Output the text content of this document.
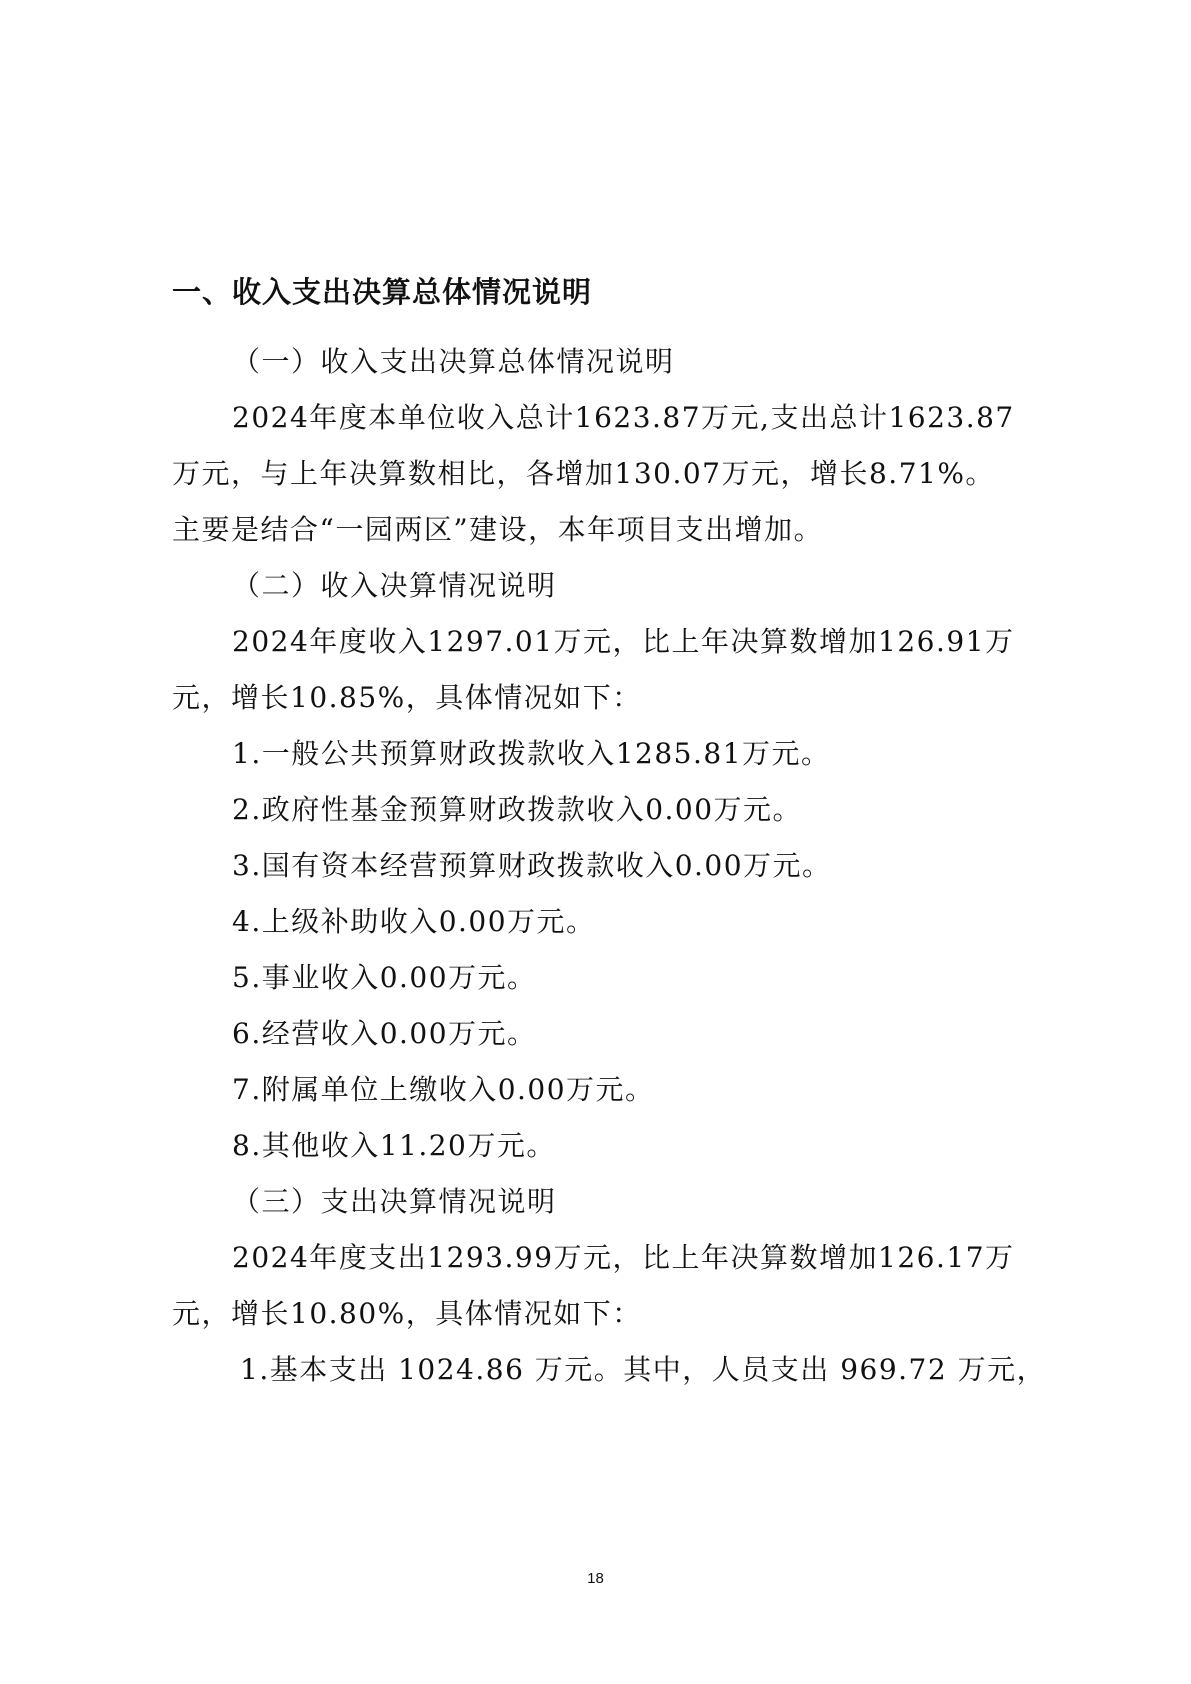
一、收入支出决算总体情况说明
（一）收入支出决算总体情况说明
2024年度本单位收入总计1623.87万元,支出总计1623.87
万元，与上年决算数相比，各增加130.07万元，增长8.71%。
主要是结合“一园两区”建设，本年项目支出增加。
（二）收入决算情况说明
2024年度收入1297.01万元，比上年决算数增加126.91万
元，增长10.85%，具体情况如下：
1.一般公共预算财政拨款收入1285.81万元。
2.政府性基金预算财政拨款收入0.00万元。
3.国有资本经营预算财政拨款收入0.00万元。
4.上级补助收入0.00万元。
5.事业收入0.00万元。
6.经营收入0.00万元。
7.附属单位上缴收入0.00万元。
8.其他收入11.20万元。
（三）支出决算情况说明
2024年度支出1293.99万元，比上年决算数增加126.17万
元，增长10.80%，具体情况如下：
1.基本支出 1024.86 万元。其中，人员支出 969.72 万元，
18
